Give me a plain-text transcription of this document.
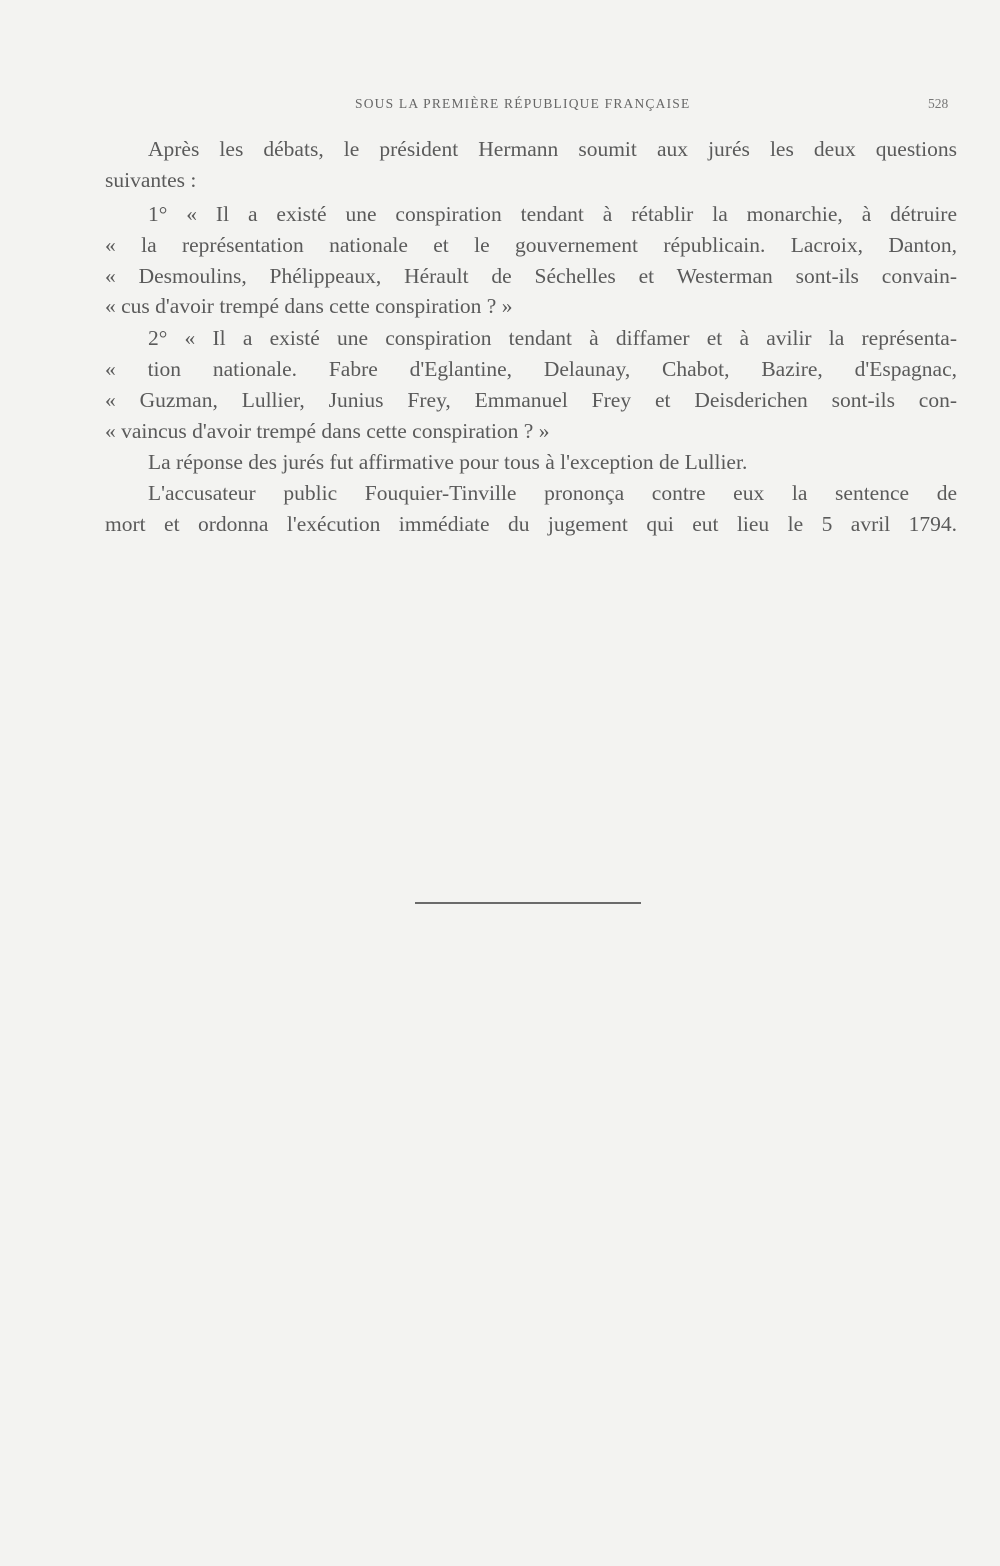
SOUS LA PREMIÈRE RÉPUBLIQUE FRANÇAISE	528
Après les débats, le président Hermann soumit aux jurés les deux questions
suivantes :
1° « Il a existé une conspiration tendant à rétablir la monarchie, à détruire
« la représentation nationale et le gouvernement républicain. Lacroix, Danton,
« Desmoulins, Phélippeaux, Hérault de Séchelles et Westerman sont-ils convain-
« cus d'avoir trempé dans cette conspiration ? »
2° « Il a existé une conspiration tendant à diffamer et à avilir la représenta-
« tion nationale. Fabre d'Eglantine, Delaunay, Chabot, Bazire, d'Espagnac,
« Guzman, Lullier, Junius Frey, Emmanuel Frey et Deisderichen sont-ils con-
« vaincus d'avoir trempé dans cette conspiration ? »
La réponse des jurés fut affirmative pour tous à l'exception de Lullier.
L'accusateur public Fouquier-Tinville prononça contre eux la sentence de
mort et ordonna l'exécution immédiate du jugement qui eut lieu le 5 avril 1794.
